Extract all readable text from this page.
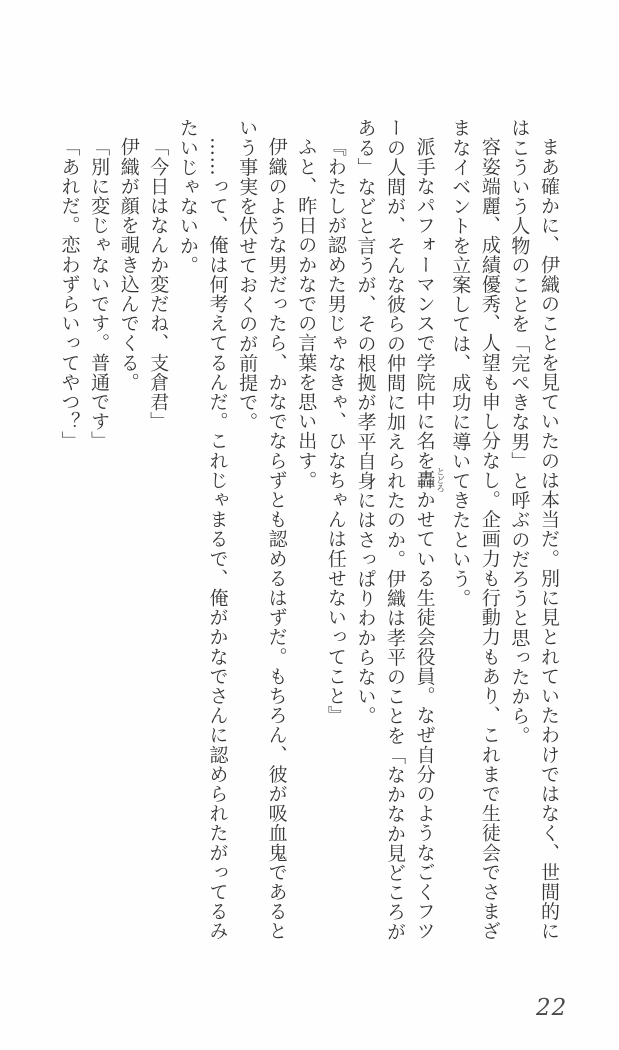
まあ確かに、伊織のことを見ていたのは本当だ。別に見とれていたわけではなく、世間的にはこういう人物のことを「完ぺきな男」と呼ぶのだろうと思ったから。

容姿端麗、成績優秀、人望も申し分なし。企画力も行動力もあり、これまで生徒会でさまざまなイベントを立案しては、成功に導いてきたという。

派手なパフォーマンスで学院中に名を轟 とどろかせている生徒会役員。なぜ自分のようなごくフツーの人間が、そんな彼らの仲間に加えられたのか。伊織は孝平のことを「なかなか見どころがある」などと言うが、その根拠が孝平自身にはさっぱりわからない。

『わたしが認めた男じゃなきゃ、ひなちゃんは任せないってこと』

ふと、昨日のかなでの言葉を思い出す。

伊織のような男だったら、かなでならずとも認めるはずだ。もちろん、彼が吸血鬼であるという事実を伏せておくのが前提で。

……って、俺は何考えてるんだ。これじゃまるで、俺がかなでさんに認められたがってるみたいじゃないか。

「今日はなんか変だね、支倉君」

伊織が顔を覗き込んでくる。

「別に変じゃないです。普通です」

「あれだ。恋わずらいってやつ？」

22
